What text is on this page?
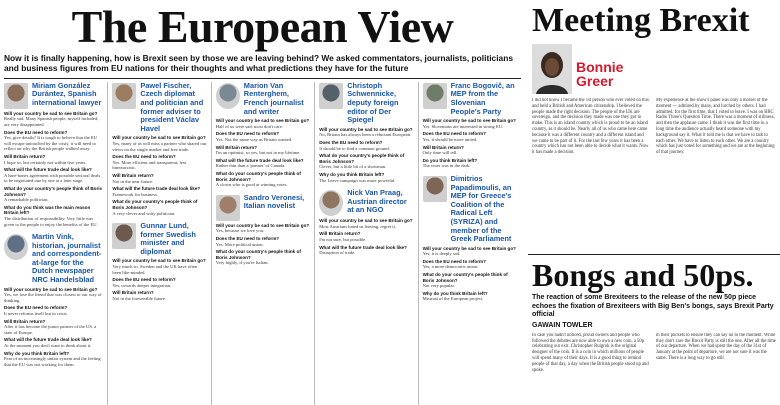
The European View

Now it is finally happening, how is Brexit seen by those we are leaving behind? We asked commentators, journalists, politicians and business figures from EU nations for their thoughts and what predictions they have for the future

Miriam González Durántez, Spanish international lawyer

Will your country be sad to see Britain go?

Really sad. Many Spanish people, myself included, are very disappointed.

Does the EU need to reform?

Yes, give details? It is tough to believe that the EU will escape untouched by the crisis; it will need to reflect on why the British people walked away.

Will Britain return?

I hope so, but certainly not within five years.

What will the future trade deal look like?

A bare-bones agreement with possible sectoral deals to be negotiated one by one at a later stage.

What do your country's people think of Boris Johnson?

A remarkable politician.

What do you think was the main reason Britain left?

The distribution of responsibility. Very little was given to the people to enjoy the benefits of the EU.

Martin Vink, historian, journalist and correspondent-at-large for the Dutch newspaper NRC Handelsblad

Will your country be sad to see Britain go?

Yes, we lose the friend that was closest to our way of thinking.

Does the EU need to reform?

It never reforms itself but in crisis.

Will Britain return?

After it has become the junior partner of the US, a state of Europe.

What will the future trade deal look like?

At the moment you don't want to think about it.

Why do you think Britain left?

Fear of an increasingly unfair system and the feeling that the EU was not working for them.

Pawel Fischer, Czech diplomat and politician and former adviser to president Václav Havel

Will your country be sad to see Britain go?

Yes, many of us will miss a partner who shared our views on the single market and free trade.

Does the EU need to reform?

Yes. More efficient and transparent; less bureaucratic.

Will Britain return?

Not in the near future.

What will the future trade deal look like?

Framework for business.

What do your country's people think of Boris Johnson?

A very clever and witty politician.

Gunnar Lund, former Swedish minister and diplomat

Will your country be sad to see Britain go?

Very much so. Sweden and the UK have often been like-minded.

Does the EU need to reform?

Yes, towards deeper integration.

Will Britain return?

Not in the foreseeable future.

Marion Van Renterghem, French journalist and writer

Will your country be sad to see Britain go?

Half of us were sad; most don't care.

Does the EU need to reform?

Yes. Not the same way as Britain wanted.

Will Britain return?

I'm an optimist, so yes, but not in my lifetime.

What will the future trade deal look like?

Rather thin than a 'partner' of Canada.

What do your country's people think of Boris Johnson?

A clown who is good at winning votes.

Sandro Veronesi, Italian novelist

Will your country be sad to see Britain go?

Yes, because we love you.

Does the EU need to reform?

Yes. More political union.

What do your country's people think of Boris Johnson?

Very highly, if you're Italian.

Christoph Schwennicke, deputy foreign editor of Der Spiegel

Will your country be sad to see Britain go?

No, Britain has always been a reluctant European.

Does the EU need to reform?

It should be to find a common ground.

What do your country's people think of Boris Johnson?

Clever, but a little bit of a showman.

Why do you think Britain left?

The Leave campaign was more powerful.

Nick Van Praag, Austrian director at an NGO

Will your country be sad to see Britain go?

Most Austrians hated us leaving, regret it.

Will Britain return?

I'm not sure, but possible.

What will the future trade deal look like?

Disruption of trade.

Franc Bogovič, an MEP from the Slovenian People's Party

Will your country be sad to see Britain go?

Yes. Slovenians are interested in strong EU.

Does the EU need to reform?

Yes, it should be more united.

Will Britain return?

Only time will tell.

Do you think Britain left?

The voter was in the dark.

Dimitrios Papadimoulis, an MEP for Greece's Coalition of the Radical Left (SYRIZA) and member of the Greek Parliament

Will your country be sad to see Britain go?

Yes, it is deeply sad.

Does the EU need to reform?

Yes, a more democratic union.

What do your country's people think of Boris Johnson?

Not very popular.

Why do you think Britain left?

Mistrust of the European project.

Meeting Brexit
Bonnie
Greer

I did not know I became the 1st person who ever voted on this and held a British and American citizenship. I believed the people made the right decision. The people of the UK are sovereign, and the decision they made was one they got to make. This is an island country which is proud to be an island country, as it should be. Nearly all of us who came here came because it was a different country and a different island and we came to be part of it. For the last few years it has been a country which has not been able to decide what it wants. Now it has made a decision.

My experience at the show's panel was only a morsel of the moment — admired by many, and lurched by others. I had admitted, for the first time, that I voted to leave. I was on BBC Radio Three's Question Time. There was a moment of stillness, and then the applause came. I think it was the first time in a long time the audience actually heard someone with my background say it. What it told me is that we have to talk to each other. We have to listen to each other. We are a country which has just voted for something and we are at the beginning of that journey.

Bongs and 50ps.

The reaction of some Brexiteers to the release of the new 50p piece echoes the fixation of Brexiteers with Big Ben's bongs, says Brexit Party official

GAWAIN TOWLER

In case you hadn't noticed, proud owners and people who followed the debates are now able to own a new coin, a 50p celebrating our exit. Christopher Ruigrok is the original designer of the coin. It is a coin in which millions of people will spend many of their days. It is a good thing to remind people of that day, a day when the British people stood up and spoke.

in their pockets to ensure they can say no to the moment. While they don't care the Brexit Party is still the one. After all the time of our departure. When we had spent the day of the 31st of January at the point of departure, we are not sure it was the same. There is a long way to go still.
